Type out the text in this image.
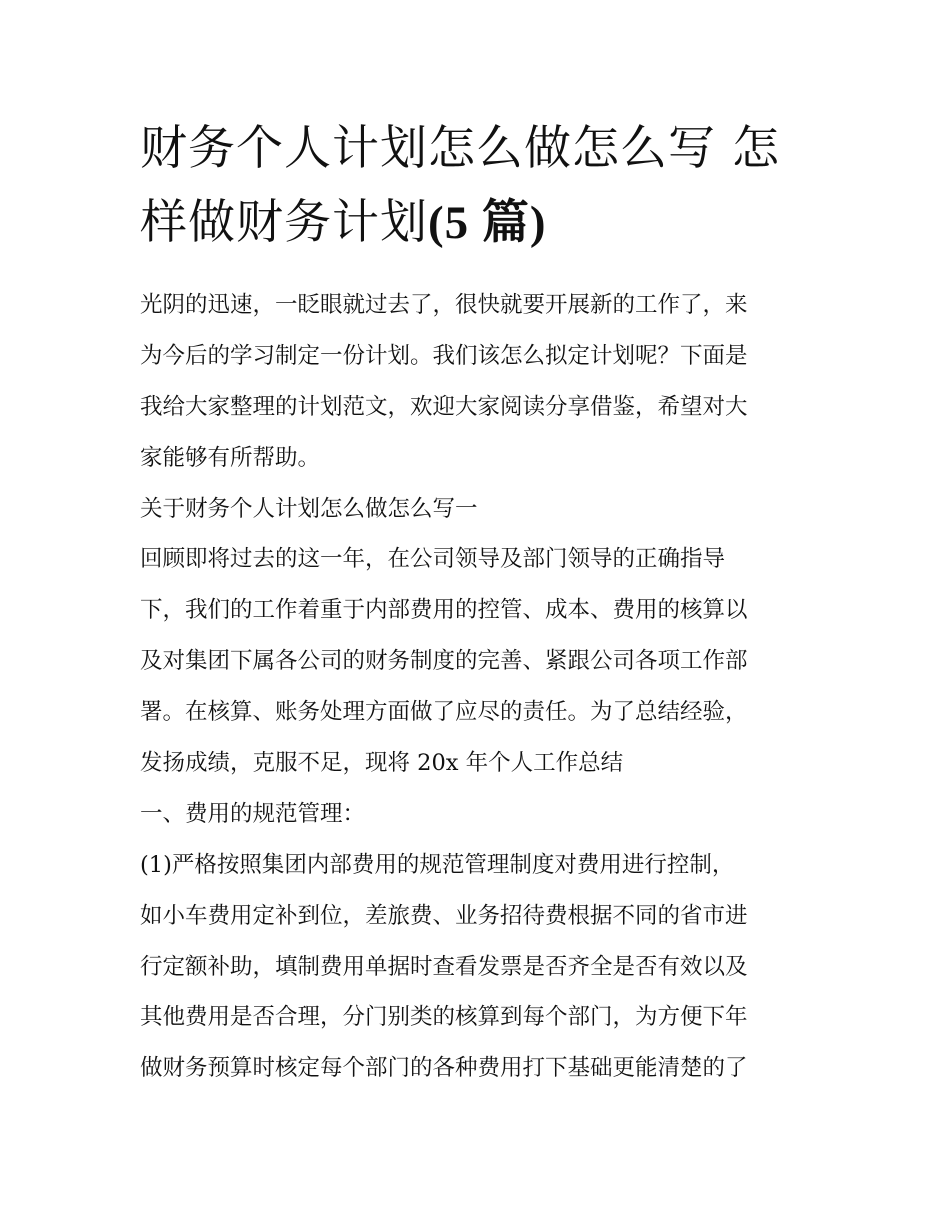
财务个人计划怎么做怎么写 怎
样做财务计划(5 篇)
光阴的迅速，一眨眼就过去了，很快就要开展新的工作了，来
为今后的学习制定一份计划。我们该怎么拟定计划呢？下面是
我给大家整理的计划范文，欢迎大家阅读分享借鉴，希望对大
家能够有所帮助。
关于财务个人计划怎么做怎么写一
回顾即将过去的这一年，在公司领导及部门领导的正确指导
下，我们的工作着重于内部费用的控管、成本、费用的核算以
及对集团下属各公司的财务制度的完善、紧跟公司各项工作部
署。在核算、账务处理方面做了应尽的责任。为了总结经验，
发扬成绩，克服不足，现将 20x 年个人工作总结
一、费用的规范管理：
(1)严格按照集团内部费用的规范管理制度对费用进行控制，
如小车费用定补到位，差旅费、业务招待费根据不同的省市进
行定额补助，填制费用单据时查看发票是否齐全是否有效以及
其他费用是否合理，分门别类的核算到每个部门，为方便下年
做财务预算时核定每个部门的各种费用打下基础更能清楚的了
